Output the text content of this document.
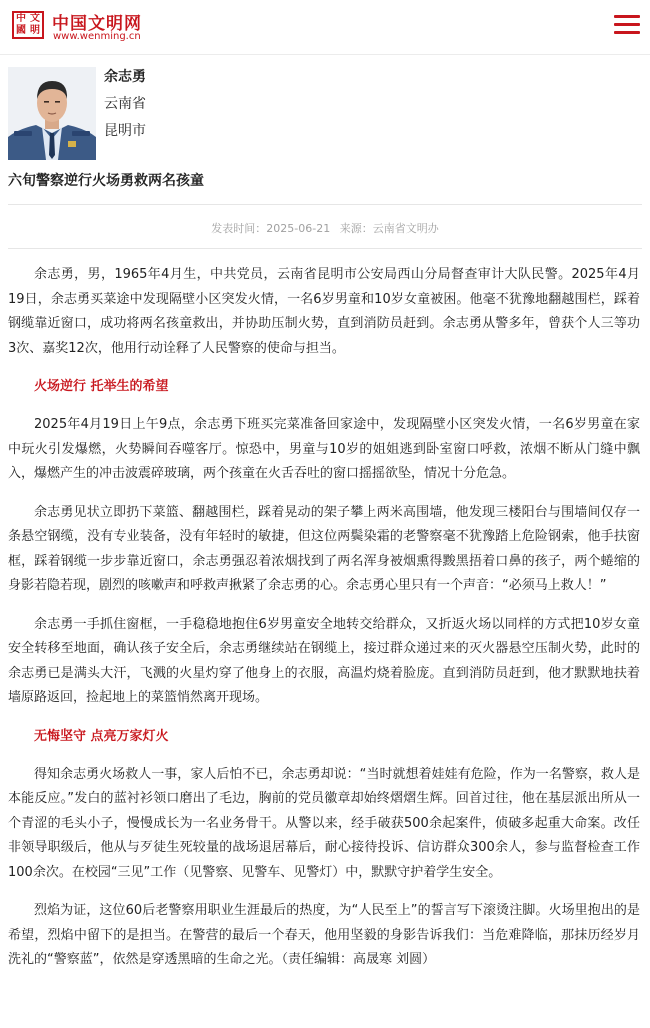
中 文
國 明 中国文明网
www.wenming.cn
余志勇
云南省
昆明市
六旬警察逆行火场勇救两名孩童
发表时间：2025-06-21 来源：云南省文明办

余志勇，男，1965年4月生，中共党员，云南省昆明市公安局西山分局督查审计大队民警。2025年4月19日，余志勇买菜途中发现隔壁小区突发火情，一名6岁男童和10岁女童被困。他毫不犹豫地翻越围栏，踩着钢缆靠近窗口，成功将两名孩童救出，并协助压制火势，直到消防员赶到。余志勇从警多年，曾获个人三等功3次、嘉奖12次，他用行动诠释了人民警察的使命与担当。

火场逆行 托举生的希望

2025年4月19日上午9点，余志勇下班买完菜准备回家途中，发现隔壁小区突发火情，一名6岁男童在家中玩火引发爆燃，火势瞬间吞噬客厅。惊恐中，男童与10岁的姐姐逃到卧室窗口呼救，浓烟不断从门缝中飘入，爆燃产生的冲击波震碎玻璃，两个孩童在火舌吞吐的窗口摇摇欲坠，情况十分危急。

余志勇见状立即扔下菜篮、翻越围栏，踩着晃动的架子攀上两米高围墙，他发现三楼阳台与围墙间仅存一条悬空钢缆，没有专业装备，没有年轻时的敏捷，但这位两鬓染霜的老警察毫不犹豫踏上危险钢索，他手扶窗框，踩着钢缆一步步靠近窗口，余志勇强忍着浓烟找到了两名浑身被烟熏得黢黑捂着口鼻的孩子，两个蜷缩的身影若隐若现，剧烈的咳嗽声和呼救声揪紧了余志勇的心。余志勇心里只有一个声音：“必须马上救人！”

余志勇一手抓住窗框，一手稳稳地抱住6岁男童安全地转交给群众，又折返火场以同样的方式把10岁女童安全转移至地面，确认孩子安全后，余志勇继续站在钢缆上，接过群众递过来的灭火器悬空压制火势，此时的余志勇已是满头大汗，飞溅的火星灼穿了他身上的衣服，高温灼烧着脸庞。直到消防员赶到，他才默默地扶着墙原路返回，捡起地上的菜篮悄然离开现场。

无悔坚守 点亮万家灯火

得知余志勇火场救人一事，家人后怕不已，余志勇却说：“当时就想着娃娃有危险，作为一名警察，救人是本能反应。”发白的蓝衬衫领口磨出了毛边，胸前的党员徽章却始终熠熠生辉。回首过往，他在基层派出所从一个青涩的毛头小子，慢慢成长为一名业务骨干。从警以来，经手破获500余起案件，侦破多起重大命案。改任非领导职级后，他从与歹徒生死较量的战场退居幕后，耐心接待投诉、信访群众300余人，参与监督检查工作100余次。在校园“三见”工作（见警察、见警车、见警灯）中，默默守护着学生安全。

烈焰为证，这位60后老警察用职业生涯最后的热度，为“人民至上”的誓言写下滚烫注脚。火场里抱出的是希望，烈焰中留下的是担当。在警营的最后一个春天，他用坚毅的身影告诉我们：当危难降临，那抹历经岁月洗礼的“警察蓝”，依然是穿透黑暗的生命之光。（责任编辑：高晟寒 刘圆）
